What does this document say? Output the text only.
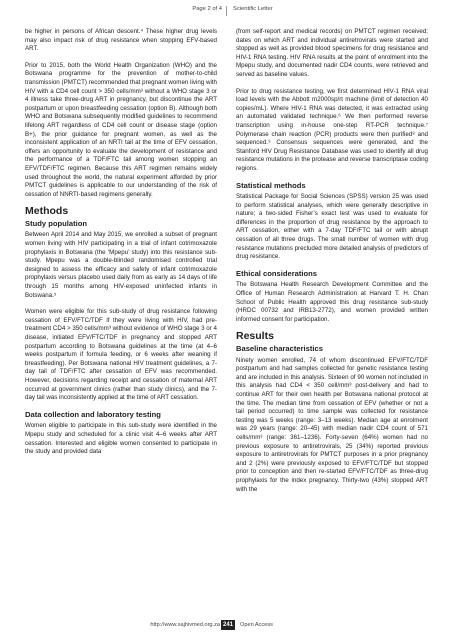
Page 2 of 4 Scientific Letter

be higher in persons of African descent.⁴ These higher drug levels may also impact risk of drug resistance when stopping EFV-based ART.

Prior to 2015, both the World Health Organization (WHO) and the Botswana programme for the prevention of mother-to-child transmission (PMTCT) recommended that pregnant women living with HIV with a CD4 cell count > 350 cells/mm³ without a WHO stage 3 or 4 illness take three-drug ART in pregnancy, but discontinue the ART postpartum or upon breastfeeding cessation (option B). Although both WHO and Botswana subsequently modified guidelines to recommend lifelong ART regardless of CD4 cell count or disease stage (option B+), the prior guidance for pregnant women, as well as the inconsistent application of an NRTI tail at the time of EFV cessation, offers an opportunity to evaluate the development of resistance and the performance of a TDF/FTC tail among women stopping an EFV/TDF/FTC regimen. Because this ART regimen remains widely used throughout the world, the natural experiment afforded by prior PMTCT guidelines is applicable to our understanding of the risk of cessation of NNRTI-based regimens generally.

Methods
Study population

Between April 2014 and May 2015, we enrolled a subset of pregnant women living with HIV participating in a trial of infant cotrimoxazole prophylaxis in Botswana (the ‘Mpepu’ study) into this resistance sub-study. Mpepu was a double-blinded randomised controlled trial designed to assess the efficacy and safety of infant cotrimoxazole prophylaxis versus placebo used daily from as early as 14 days of life through 15 months among HIV-exposed uninfected infants in Botswana.⁵

Women were eligible for this sub-study of drug resistance following cessation of EFV/FTC/TDF if they were living with HIV, had pre-treatment CD4 > 350 cells/mm³ without evidence of WHO stage 3 or 4 disease, initiated EFV/FTC/TDF in pregnancy and stopped ART postpartum according to Botswana guidelines at the time (at 4–6 weeks postpartum if formula feeding, or 6 weeks after weaning if breastfeeding). Per Botswana national HIV treatment guidelines, a 7-day tail of TDF/FTC after cessation of EFV was recommended. However, decisions regarding receipt and cessation of maternal ART occurred at government clinics (rather than study clinics), and the 7-day tail was inconsistently applied at the time of ART cessation.

Data collection and laboratory testing

Women eligible to participate in this sub-study were identified in the Mpepu study and scheduled for a clinic visit 4–6 weeks after ART cessation. Interested and eligible women consented to participate in the study and provided data

(from self-report and medical records) on PMTCT regimen received; dates on which ART and individual antiretrovirals were started and stopped as well as provided blood specimens for drug resistance and HIV-1 RNA testing. HIV RNA results at the point of enrolment into the Mpepu study, and documented nadir CD4 counts, were retrieved and served as baseline values.

Prior to drug resistance testing, we first determined HIV-1 RNA viral load levels with the Abbott m2000sp/rt machine (limit of detection 40 copies/mL). Where HIV-1 RNA was detected, it was extracted using an automated validated technique.⁶ We then performed reverse transcription using in-house one-step RT-PCR technique.⁷ Polymerase chain reaction (PCR) products were then purified⁸ and sequenced.⁹ Consensus sequences were generated, and the Stanford HIV Drug Resistance Database was used to identify all drug resistance mutations in the protease and reverse transcriptase coding regions.

Statistical methods

Statistical Package for Social Sciences (SPSS) version 25 was used to perform statistical analyses, which were generally descriptive in nature; a two-sided Fisher’s exact test was used to evaluate for differences in the proportion of drug resistance by the approach to ART cessation, either with a 7-day TDF/FTC tail or with abrupt cessation of all three drugs. The small number of women with drug resistance mutations precluded more detailed analysis of predictors of drug resistance.

Ethical considerations

The Botswana Health Research Development Committee and the Office of Human Research Administration at Harvard T. H. Chan School of Public Health approved this drug resistance sub-study (HRDC 00732 and IRB13-2772), and women provided written informed consent for participation.

Results
Baseline characteristics

Ninety women enrolled, 74 of whom discontinued EFV/FTC/TDF postpartum and had samples collected for genetic resistance testing and are included in this analysis. Sixteen of 90 women not included in this analysis had CD4 < 350 cell/mm³ post-delivery and had to continue ART for their own health per Botswana national protocol at the time. The median time from cessation of EFV (whether or not a tail period occurred) to time sample was collected for resistance testing was 5 weeks (range: 3–13 weeks). Median age at enrolment was 29 years (range: 20–45) with median nadir CD4 count of 571 cells/mm³ (range: 361–1236). Forty-seven (64%) women had no previous exposure to antiretrovirals, 25 (34%) reported previous exposure to antiretrovirals for PMTCT purposes in a prior pregnancy and 2 (2%) were previously exposed to EFV/FTC/TDF but stopped prior to conception and then re-started EFV/FTC/TDF as three-drug prophylaxis for the index pregnancy. Thirty-two (43%) stopped ART with the

http://www.sajhivmed.org.za 241	Open Access
